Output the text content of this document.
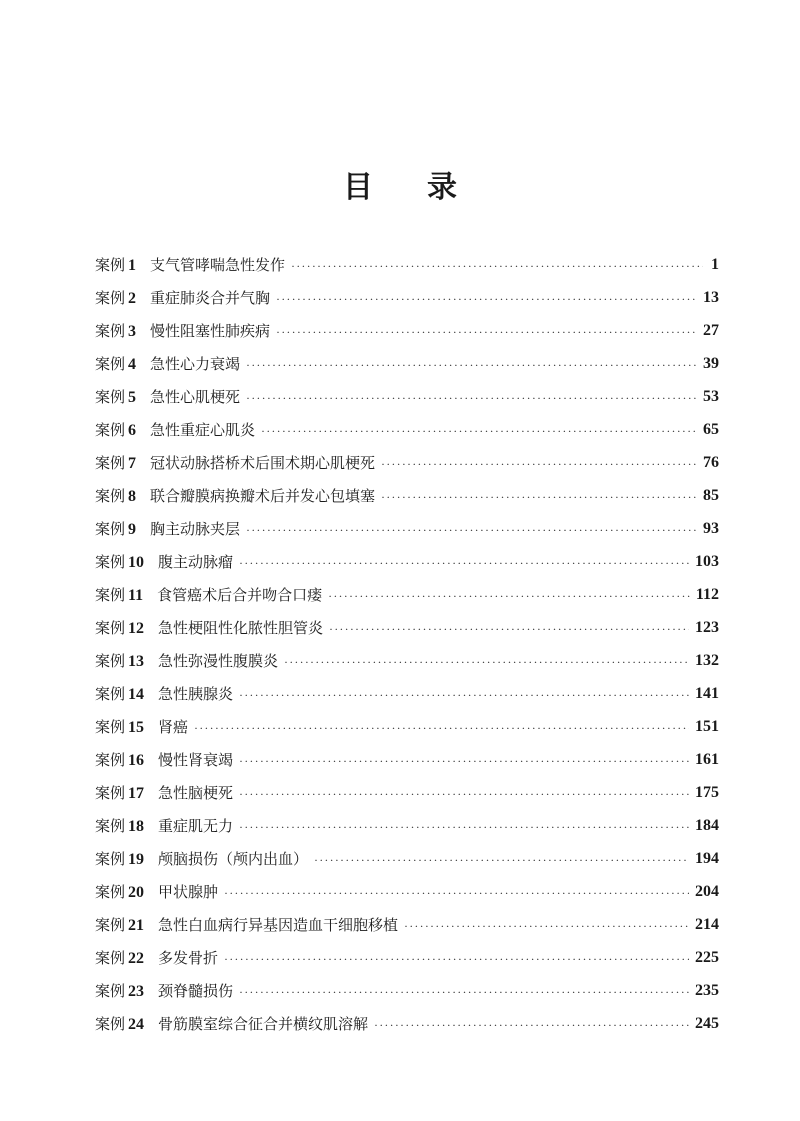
目 录
案例 1 支气管哮喘急性发作 ·····	1
案例 2 重症肺炎合并气胸 ·····	13
案例 3 慢性阻塞性肺疾病 ·····	27
案例 4 急性心力衰竭 ·····	39
案例 5 急性心肌梗死 ·····	53
案例 6 急性重症心肌炎 ·····	65
案例 7 冠状动脉搭桥术后围术期心肌梗死 ·····	76
案例 8 联合瓣膜病换瓣术后并发心包填塞 ·····	85
案例 9 胸主动脉夹层 ·····	93
案例 10 腹主动脉瘤 ·····	103
案例 11 食管癌术后合并吻合口瘘 ·····	112
案例 12 急性梗阻性化脓性胆管炎 ·····	123
案例 13 急性弥漫性腹膜炎 ·····	132
案例 14 急性胰腺炎 ·····	141
案例 15 肾癌 ·····	151
案例 16 慢性肾衰竭 ·····	161
案例 17 急性脑梗死 ·····	175
案例 18 重症肌无力 ·····	184
案例 19 颅脑损伤（颅内出血） ·····	194
案例 20 甲状腺肿 ·····	204
案例 21 急性白血病行异基因造血干细胞移植 ·····	214
案例 22 多发骨折 ·····	225
案例 23 颈脊髓损伤 ·····	235
案例 24 骨筋膜室综合征合并横纹肌溶解 ·····	245
